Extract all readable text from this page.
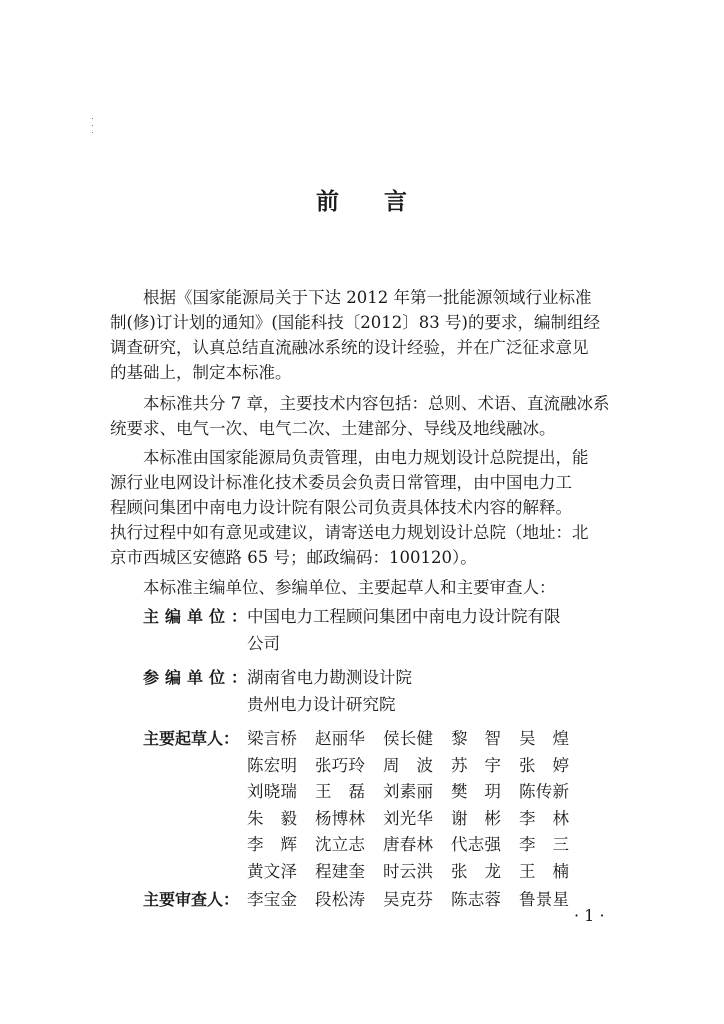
前 言

根据《国家能源局关于下达 2012 年第一批能源领域行业标准
制(修)订计划的通知》(国能科技〔2012〕83 号)的要求，编制组经
调查研究，认真总结直流融冰系统的设计经验，并在广泛征求意见
的基础上，制定本标准。

本标准共分 7 章，主要技术内容包括：总则、术语、直流融冰系
统要求、电气一次、电气二次、土建部分、导线及地线融冰。

本标准由国家能源局负责管理，由电力规划设计总院提出，能
源行业电网设计标准化技术委员会负责日常管理，由中国电力工
程顾问集团中南电力设计院有限公司负责具体技术内容的解释。
执行过程中如有意见或建议，请寄送电力规划设计总院（地址：北
京市西城区安德路 65 号；邮政编码：100120）。

本标准主编单位、参编单位、主要起草人和主要审查人：

主 编 单 位 ： 中国电力工程顾问集团中南电力设计院有限
公司
参 编 单 位 ： 湖南省电力勘测设计院
贵州电力设计研究院
主要起草人： 梁言桥 赵丽华 侯长健 黎智 吴煌
陈宏明 张巧玲 周波 苏宇 张婷
刘晓瑞 王磊 刘素丽 樊玥 陈传新
朱毅 杨博林 刘光华 谢彬 李林
李辉 沈立志 唐春林 代志强 李三
黄文泽 程建奎 时云洪 张龙 王楠
主要审查人： 李宝金 段松涛 吴克芬 陈志蓉 鲁景星
· 1 ·
